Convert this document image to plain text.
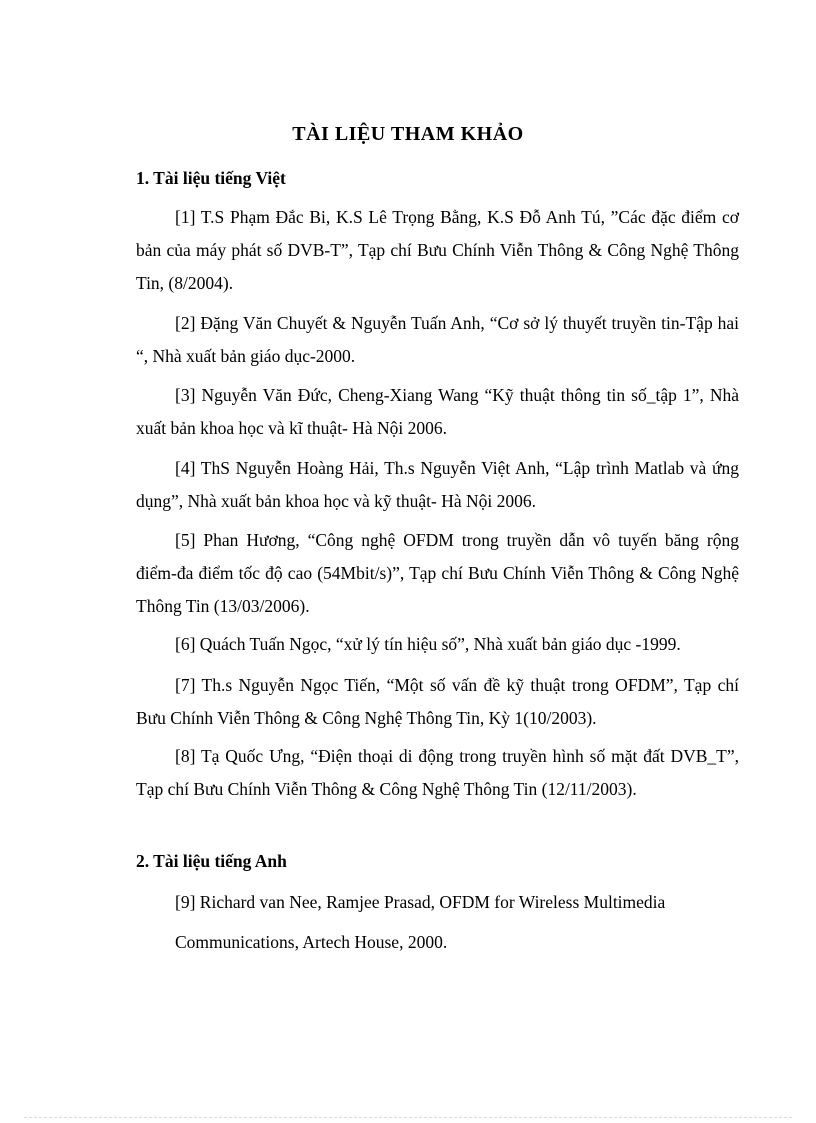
TÀI LIỆU THAM KHẢO
1. Tài liệu tiếng Việt
[1] T.S Phạm Đắc Bi, K.S Lê Trọng Bằng, K.S Đỗ Anh Tú, ”Các đặc điểm cơ bản của máy phát số DVB-T”, Tạp chí Bưu Chính Viễn Thông & Công Nghệ Thông Tin, (8/2004).
[2] Đặng Văn Chuyết & Nguyễn Tuấn Anh, “Cơ sở lý thuyết truyền tin-Tập hai “, Nhà xuất bản giáo dục-2000.
[3] Nguyễn Văn Đức, Cheng-Xiang Wang “Kỹ thuật thông tin số_tập 1”, Nhà xuất bản khoa học và kĩ thuật- Hà Nội 2006.
[4] ThS Nguyễn Hoàng Hải, Th.s Nguyễn Việt Anh, “Lập trình Matlab và ứng dụng”, Nhà xuất bản khoa học và kỹ thuật- Hà Nội 2006.
[5] Phan Hương, “Công nghệ OFDM trong truyền dẫn vô tuyến băng rộng điểm-đa điểm tốc độ cao (54Mbit/s)”, Tạp chí Bưu Chính Viễn Thông & Công Nghệ Thông Tin (13/03/2006).
[6] Quách Tuấn Ngọc, “xử lý tín hiệu số”, Nhà xuất bản giáo dục -1999.
[7] Th.s Nguyễn Ngọc Tiến, “Một số vấn đề kỹ thuật trong OFDM”, Tạp chí Bưu Chính Viễn Thông & Công Nghệ Thông Tin, Kỳ 1(10/2003).
[8] Tạ Quốc Ưng, “Điện thoại di động trong truyền hình số mặt đất DVB_T”, Tạp chí Bưu Chính Viễn Thông & Công Nghệ Thông Tin (12/11/2003).
2. Tài liệu tiếng Anh
[9] Richard van Nee, Ramjee Prasad, OFDM for Wireless Multimedia Communications, Artech House, 2000.
